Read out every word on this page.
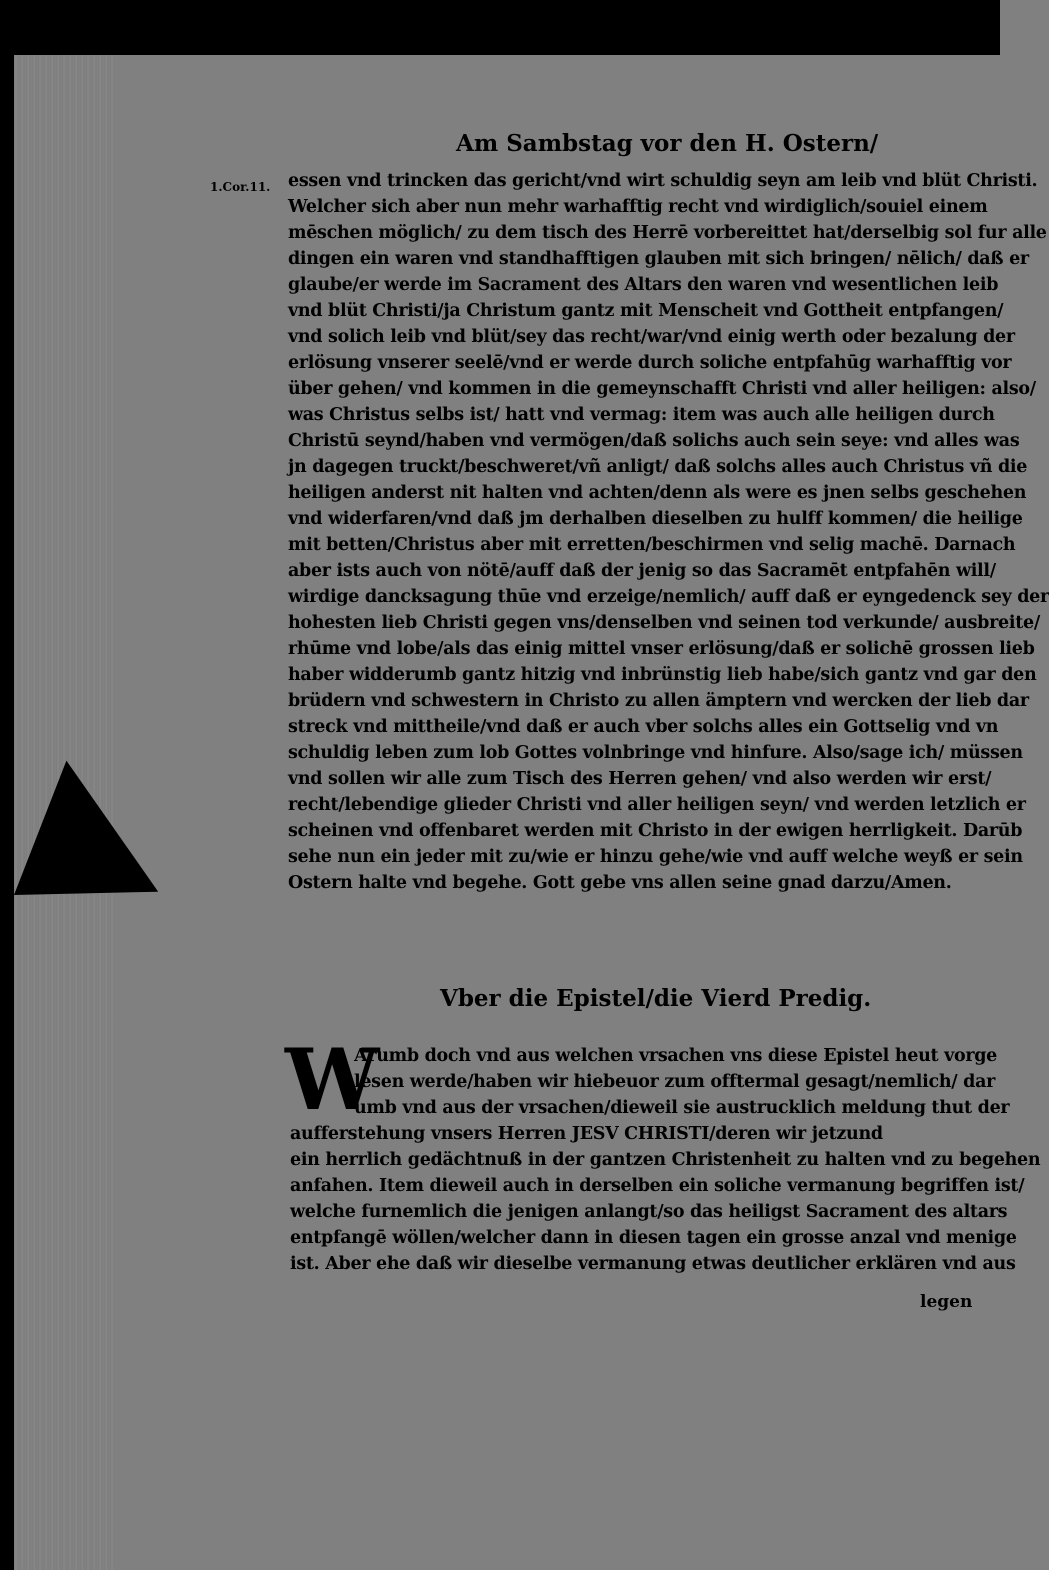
Am Sambstag vor den H. Ostern/
1.Cor.11. essen vnd trincken das gericht/vnd wirt schuldig seyn am leib vnd blüt Christi.
Welcher sich aber nun mehr warhafftig recht vnd wirdiglich/souiel einem
mēschen möglich/ zu dem tisch des Herrē vorbereittet hat/derselbig sol fur alle
dingen ein waren vnd standhafftigen glauben mit sich bringen/ nēlich/ daß er
glaube/er werde im Sacrament des Altars den waren vnd wesentlichen leib
vnd blüt Christi/ja Christum gantz mit Menscheit vnd Gottheit entpfangen/
vnd solich leib vnd blüt/sey das recht/war/vnd einig werth oder bezalung der
erlösung vnserer seelē/vnd er werde durch soliche entpfahūg warhafftig vor
über gehen/ vnd kommen in die gemeynschafft Christi vnd aller heiligen: also/
was Christus selbs ist/ hatt vnd vermag: item was auch alle heiligen durch
Christū seynd/haben vnd vermögen/daß solichs auch sein seye: vnd alles was
jn dagegen truckt/beschweret/vñ anligt/ daß solchs alles auch Christus vñ die
heiligen anderst nit halten vnd achten/denn als were es jnen selbs geschehen
vnd widerfaren/vnd daß jm derhalben dieselben zu hulff kommen/ die heilige
mit betten/Christus aber mit erretten/beschirmen vnd selig machē. Darnach
aber ists auch von nötē/auff daß der jenig so das Sacramēt entpfahēn will/
wirdige dancksagung thūe vnd erzeige/nemlich/ auff daß er eyngedenck sey der
hohesten lieb Christi gegen vns/denselben vnd seinen tod verkunde/ ausbreite/
rhūme vnd lobe/als das einig mittel vnser erlösung/daß er solichē grossen lieb
haber widderumb gantz hitzig vnd inbrünstig lieb habe/sich gantz vnd gar den
brüdern vnd schwestern in Christo zu allen ämptern vnd wercken der lieb dar
streck vnd mittheile/vnd daß er auch vber solchs alles ein Gottselig vnd vn
schuldig leben zum lob Gottes volnbringe vnd hinfure. Also/sage ich/ müssen
vnd sollen wir alle zum Tisch des Herren gehen/ vnd also werden wir erst/
recht/lebendige glieder Christi vnd aller heiligen seyn/ vnd werden letzlich er
scheinen vnd offenbaret werden mit Christo in der ewigen herrligkeit. Darūb
sehe nun ein jeder mit zu/wie er hinzu gehe/wie vnd auff welche weyß er sein
Ostern halte vnd begehe. Gott gebe vns allen seine gnad darzu/Amen.
Vber die Epistel/die Vierd Predig.
W
Arumb doch vnd aus welchen vrsachen vns diese Epistel heut vorge
lesen werde/haben wir hiebeuor zum offtermal gesagt/nemlich/ dar
umb vnd aus der vrsachen/dieweil sie austrucklich meldung thut der
aufferstehung vnsers Herren JESV CHRISTI/deren wir jetzund
ein herrlich gedächtnuß in der gantzen Christenheit zu halten vnd zu begehen
anfahen. Item dieweil auch in derselben ein soliche vermanung begriffen ist/
welche furnemlich die jenigen anlangt/so das heiligst Sacrament des altars
entpfangē wöllen/welcher dann in diesen tagen ein grosse anzal vnd menige
ist. Aber ehe daß wir dieselbe vermanung etwas deutlicher erklären vnd aus
legen
